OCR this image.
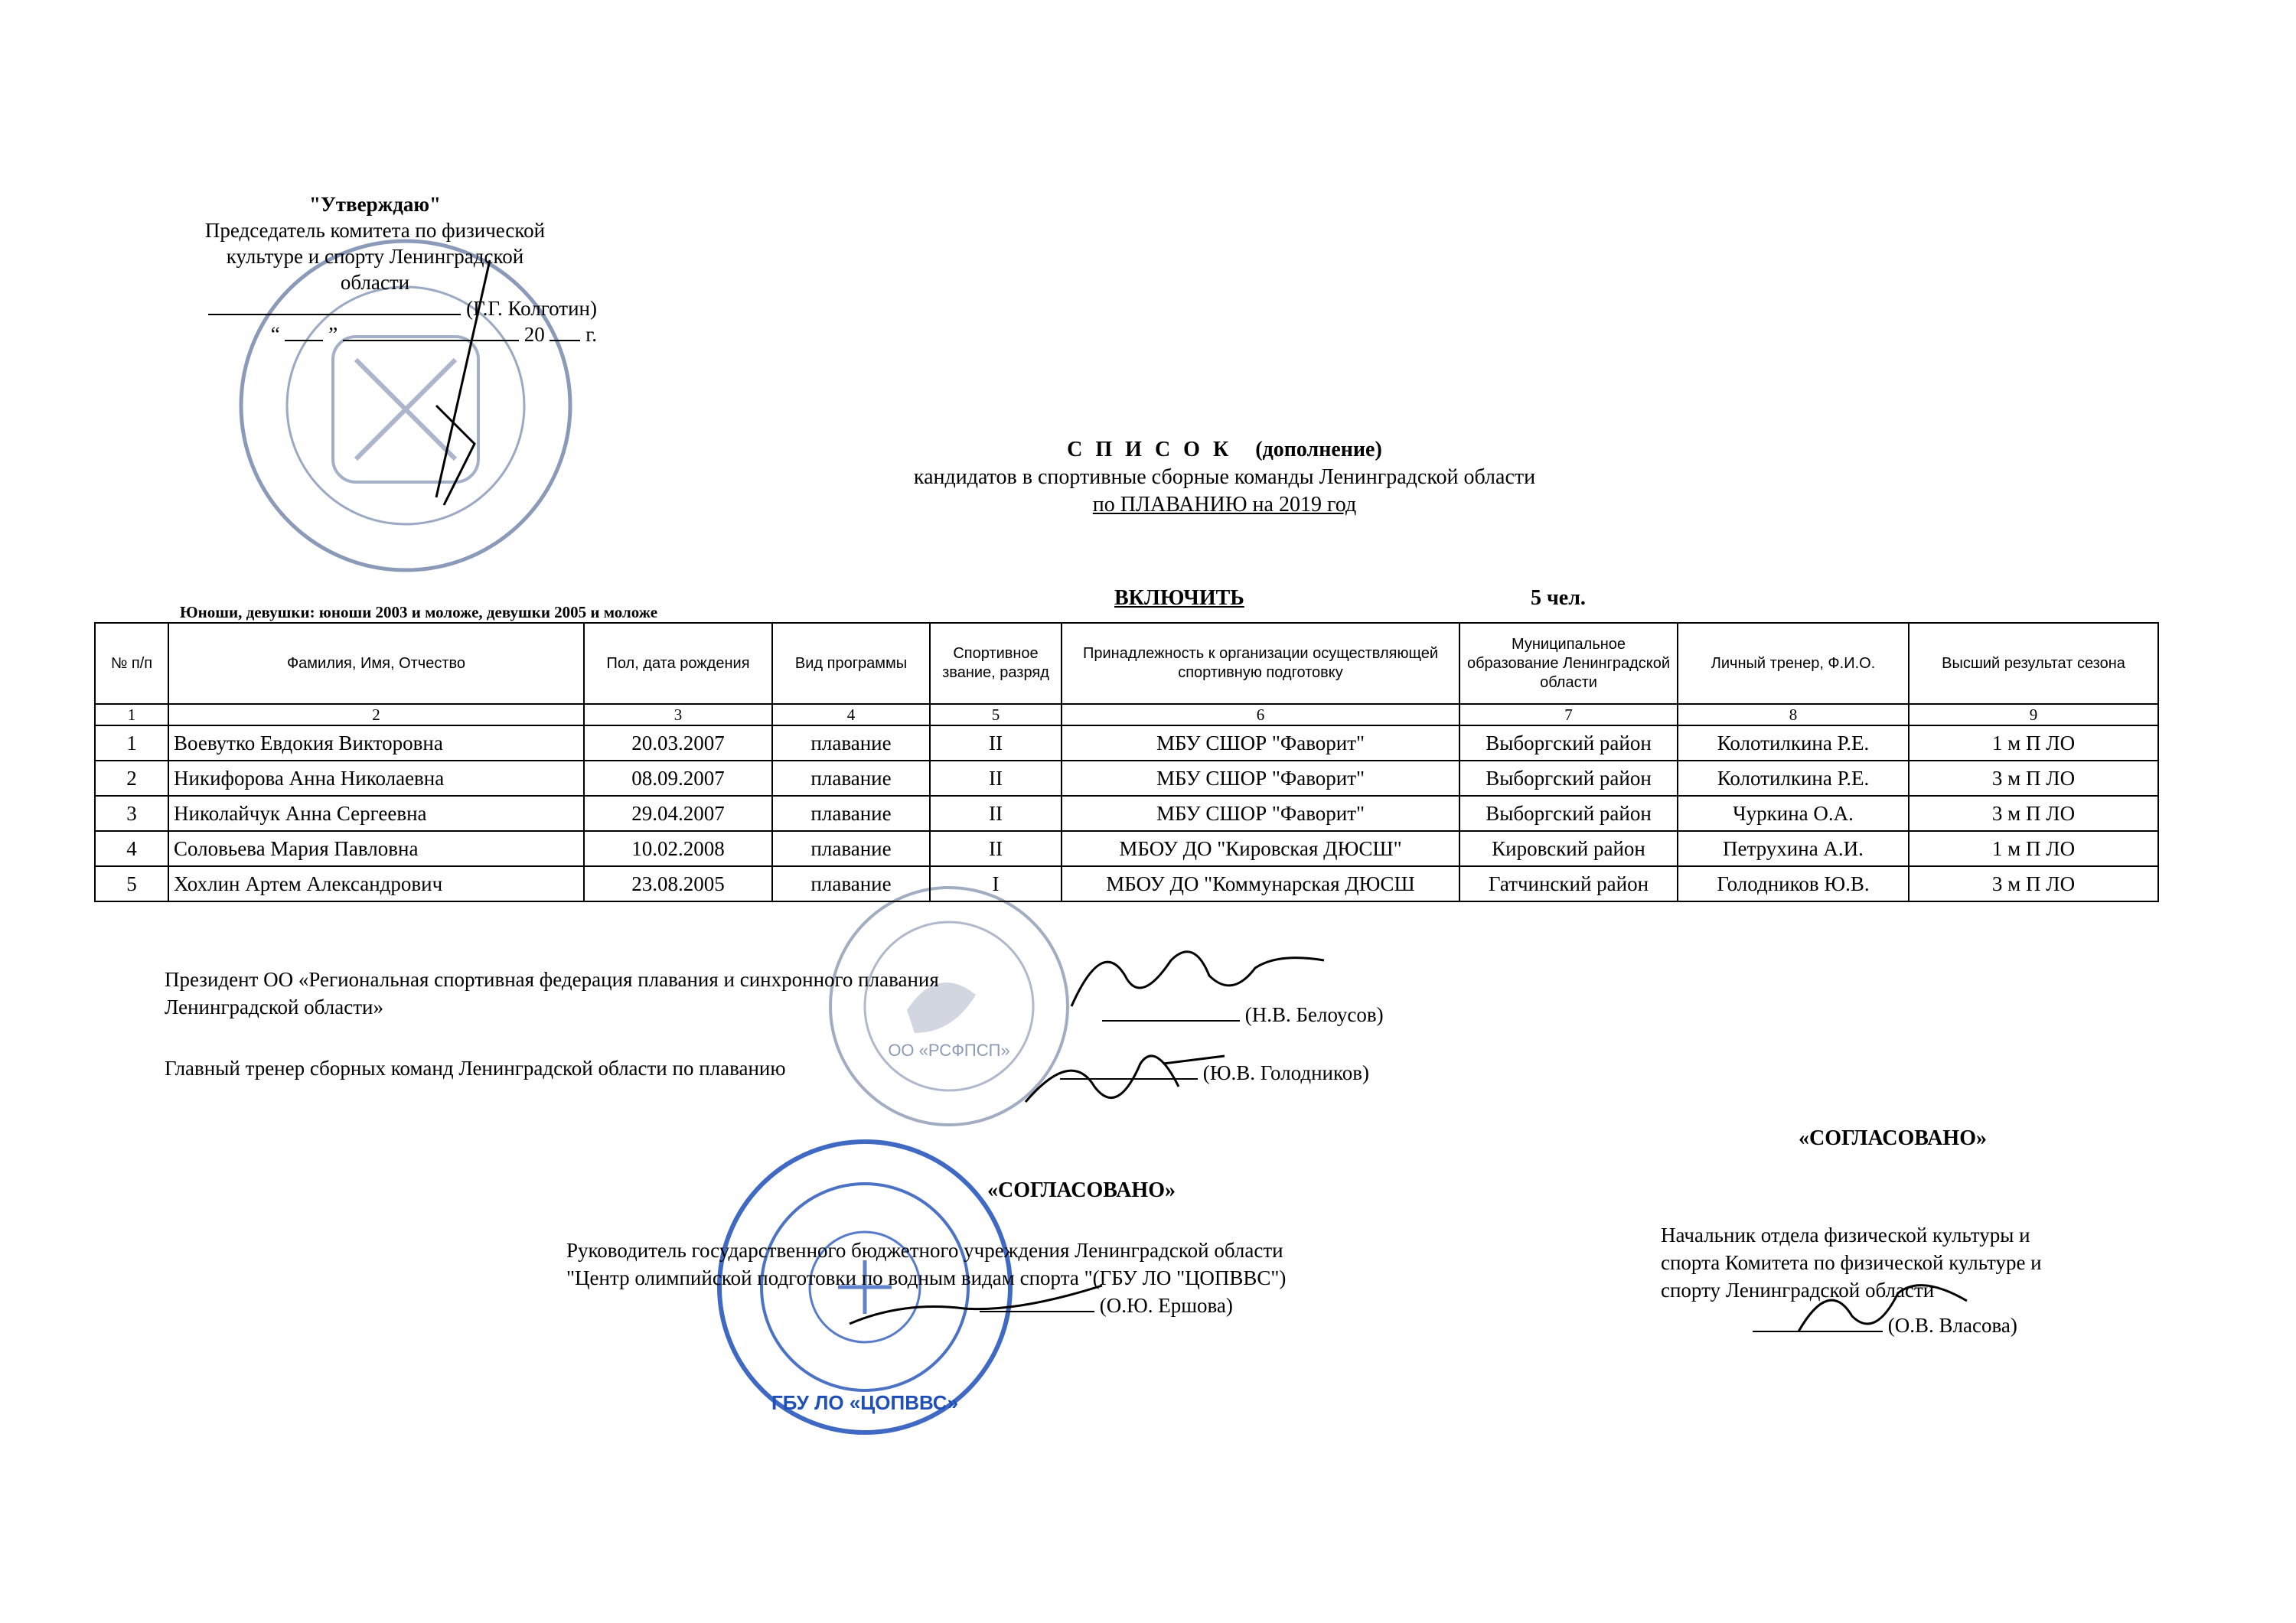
ОО «РСФПСП»
ГБУ ЛО «ЦОПВВС»
"Утверждаю"
Председатель комитета по физической
культуре и спорту Ленинградской
области
(Г.Г. Колготин)
“ ”	20 г.
С П И С О К (дополнение)
кандидатов в спортивные сборные команды Ленинградской области
по ПЛАВАНИЮ на 2019 год
Юноши, девушки: юноши 2003 и моложе, девушки 2005 и моложе
ВКЛЮЧИТЬ	5 чел.
№ п/п	Фамилия, Имя, Отчество	Пол, дата рождения	Вид программы	Спортивное звание, разряд	Принадлежность к организации осуществляющей спортивную подготовку	Муниципальное образование Ленинградской области	Личный тренер, Ф.И.О.	Высший результат сезона
1	2	3	4	5	6	7	8	9
1	Воевутко Евдокия Викторовна	20.03.2007	плавание	II	МБУ СШОР "Фаворит"	Выборгский район	Колотилкина Р.Е.	1 м П ЛО
2	Никифорова Анна Николаевна	08.09.2007	плавание	II	МБУ СШОР "Фаворит"	Выборгский район	Колотилкина Р.Е.	3 м П ЛО
3	Николайчук Анна Сергеевна	29.04.2007	плавание	II	МБУ СШОР "Фаворит"	Выборгский район	Чуркина О.А.	3 м П ЛО
4	Соловьева Мария Павловна	10.02.2008	плавание	II	МБОУ ДО "Кировская ДЮСШ"	Кировский район	Петрухина А.И.	1 м П ЛО
5	Хохлин Артем Александрович	23.08.2005	плавание	I	МБОУ ДО "Коммунарская ДЮСШ	Гатчинский район	Голодников Ю.В.	3 м П ЛО
Президент ОО «Региональная спортивная федерация плавания и синхронного плавания
Ленинградской области»	(Н.В. Белоусов)
Главный тренер сборных команд Ленинградской области по плаванию	(Ю.В. Голодников)
«СОГЛАСОВАНО»
«СОГЛАСОВАНО»
Руководитель государственного бюджетного учреждения Ленинградской области
"Центр олимпийской подготовки по водным видам спорта "(ГБУ ЛО "ЦОПВВС")
(О.Ю. Ершова)
Начальник отдела физической культуры и
спорта Комитета по физической культуре и
спорту Ленинградской области
(О.В. Власова)
